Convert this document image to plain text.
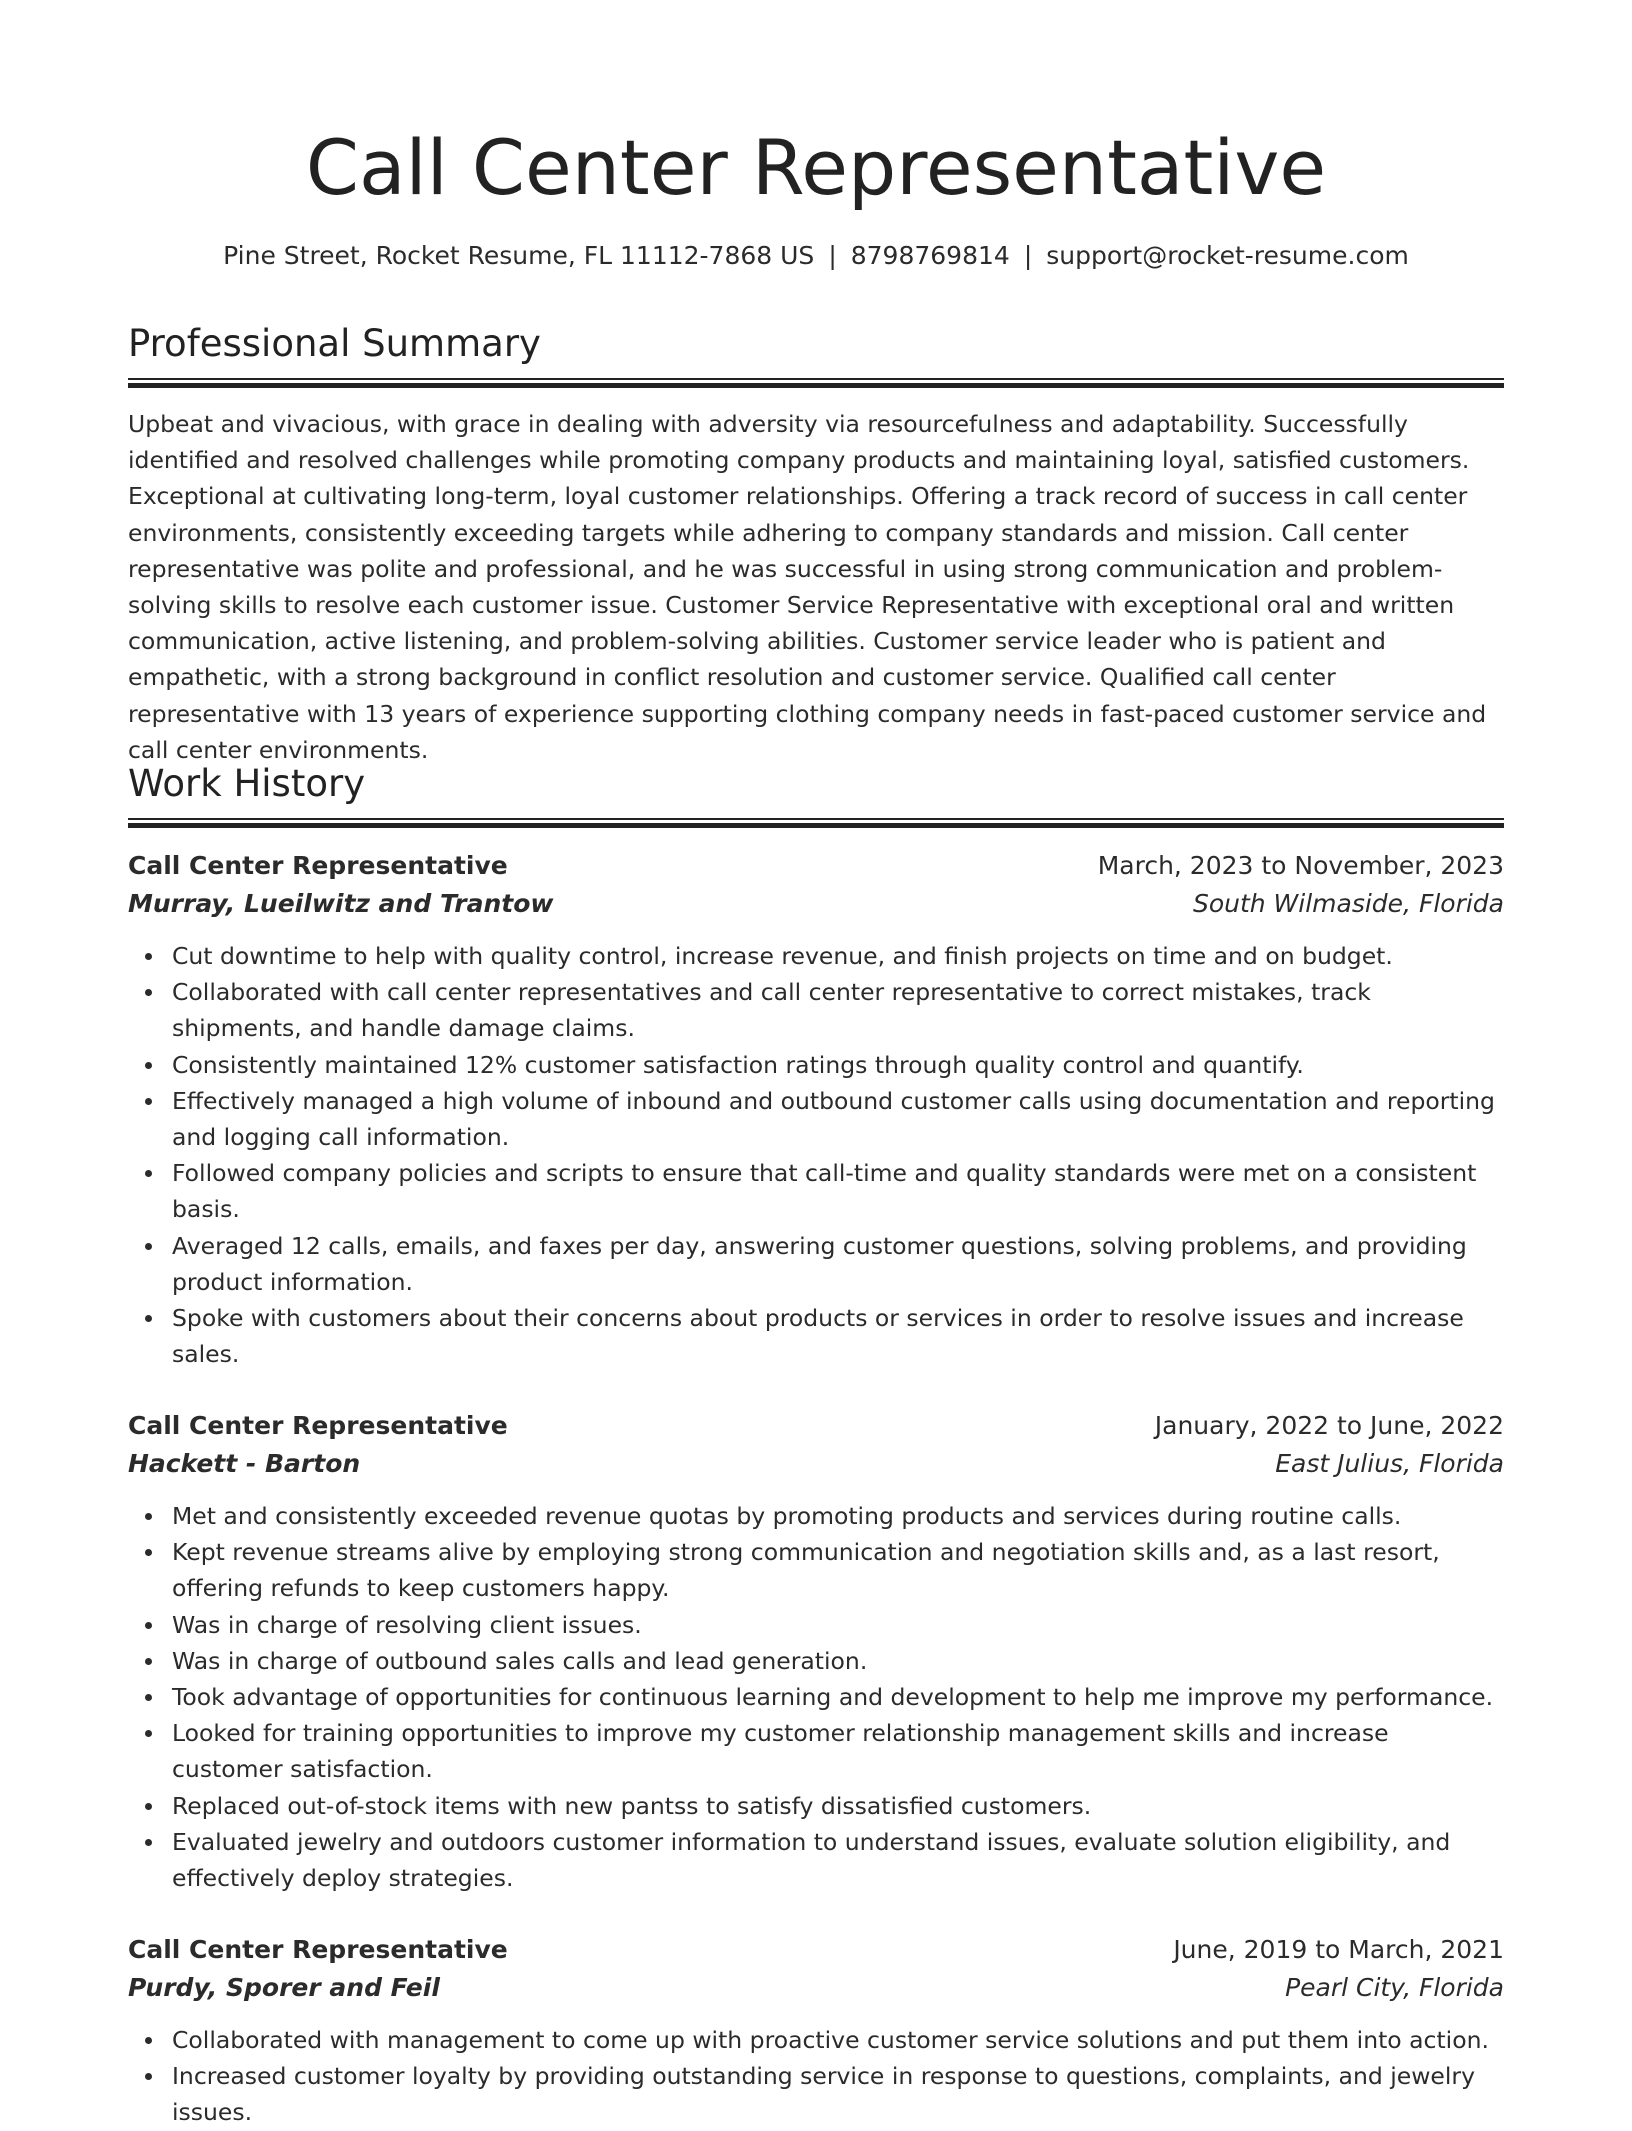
Call Center Representative
Pine Street, Rocket Resume, FL 11112-7868 US | 8798769814 | support@rocket-resume.com
Professional Summary

Upbeat and vivacious, with grace in dealing with adversity via resourcefulness and adaptability. Successfully identified and resolved challenges while promoting company products and maintaining loyal, satisfied customers. Exceptional at cultivating long-term, loyal customer relationships. Offering a track record of success in call center environments, consistently exceeding targets while adhering to company standards and mission. Call center representative was polite and professional, and he was successful in using strong communication and problem-solving skills to resolve each customer issue. Customer Service Representative with exceptional oral and written communication, active listening, and problem-solving abilities. Customer service leader who is patient and empathetic, with a strong background in conflict resolution and customer service. Qualified call center representative with 13 years of experience supporting clothing company needs in fast-paced customer service and call center environments.

Work History
Call Center Representative	March, 2023 to November, 2023
Murray, Lueilwitz and Trantow	South Wilmaside, Florida
Cut downtime to help with quality control, increase revenue, and finish projects on time and on budget.
Collaborated with call center representatives and call center representative to correct mistakes, track shipments, and handle damage claims.
Consistently maintained 12% customer satisfaction ratings through quality control and quantify.
Effectively managed a high volume of inbound and outbound customer calls using documentation and reporting and logging call information.
Followed company policies and scripts to ensure that call-time and quality standards were met on a consistent basis.
Averaged 12 calls, emails, and faxes per day, answering customer questions, solving problems, and providing product information.
Spoke with customers about their concerns about products or services in order to resolve issues and increase sales.
Call Center Representative	January, 2022 to June, 2022
Hackett - Barton	East Julius, Florida
Met and consistently exceeded revenue quotas by promoting products and services during routine calls.
Kept revenue streams alive by employing strong communication and negotiation skills and, as a last resort, offering refunds to keep customers happy.
Was in charge of resolving client issues.
Was in charge of outbound sales calls and lead generation.
Took advantage of opportunities for continuous learning and development to help me improve my performance.
Looked for training opportunities to improve my customer relationship management skills and increase customer satisfaction.
Replaced out-of-stock items with new pantss to satisfy dissatisfied customers.
Evaluated jewelry and outdoors customer information to understand issues, evaluate solution eligibility, and effectively deploy strategies.
Call Center Representative	June, 2019 to March, 2021
Purdy, Sporer and Feil	Pearl City, Florida
Collaborated with management to come up with proactive customer service solutions and put them into action.
Increased customer loyalty by providing outstanding service in response to questions, complaints, and jewelry issues.
